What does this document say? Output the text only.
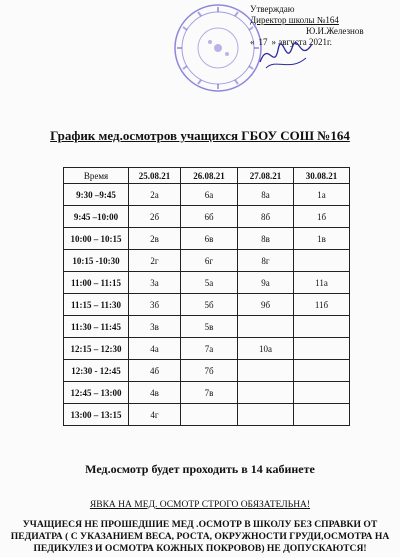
Утверждаю
Директор школы №164
Ю.И.Железнов
« 17 » августа 2021г.
График мед.осмотров учащихся ГБОУ СОШ №164
Время	25.08.21	26.08.21	27.08.21	30.08.21
9:30 –9:45	2а	6а	8а	1а
9:45 –10:00	2б	6б	8б	1б
10:00 – 10:15	2в	6в	8в	1в
10:15 -10:30	2г	6г	8г	
11:00 – 11:15	3а	5а	9а	11а
11:15 – 11:30	3б	5б	9б	11б
11:30 – 11:45	3в	5в		
12:15 – 12:30	4а	7а	10а	
12:30 - 12:45	4б	7б		
12:45 – 13:00	4в	7в		
13:00 – 13:15	4г			
Мед.осмотр будет проходить в 14 кабинете
ЯВКА НА МЕД. ОСМОТР СТРОГО ОБЯЗАТЕЛЬНА!
УЧАЩИЕСЯ НЕ ПРОШЕДШИЕ МЕД .ОСМОТР В ШКОЛУ БЕЗ СПРАВКИ ОТ ПЕДИАТРА ( С УКАЗАНИЕМ ВЕСА, РОСТА, ОКРУЖНОСТИ ГРУДИ,ОСМОТРА НА ПЕДИКУЛЕЗ И ОСМОТРА КОЖНЫХ ПОКРОВОВ) НЕ ДОПУСКАЮТСЯ!
